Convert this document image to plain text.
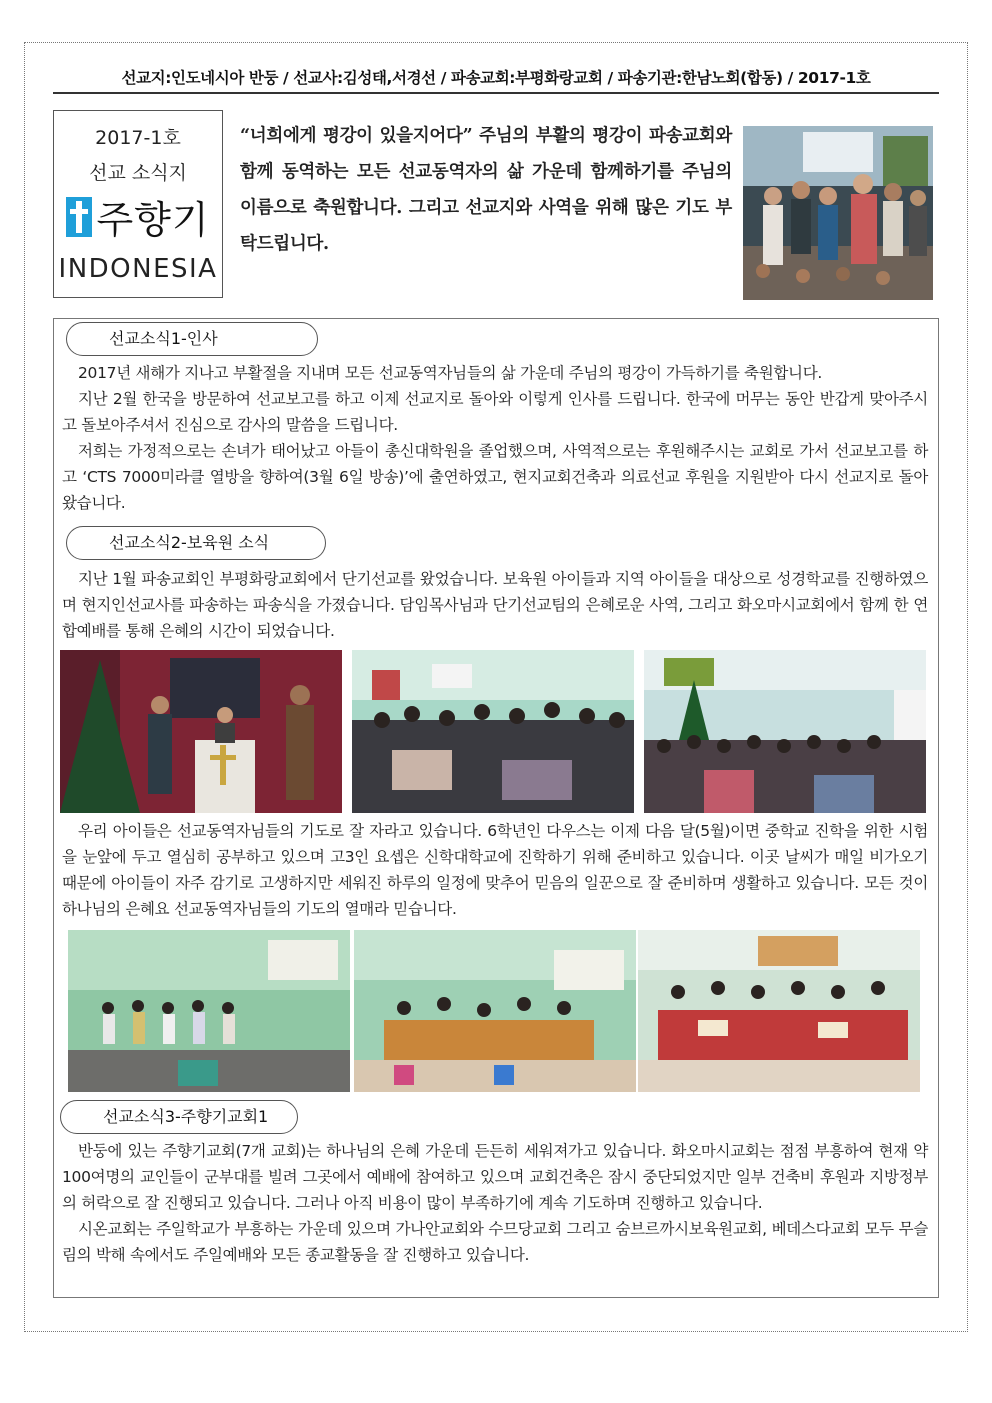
선교지:인도네시아 반둥 / 선교사:김성태,서경선 / 파송교회:부평화랑교회 / 파송기관:한남노회(합동) / 2017-1호
2017-1호
선교 소식지
주향기
INDONESIA
“너희에게 평강이 있을지어다” 주님의 부활의 평강이 파송교회와 함께 동역하는 모든 선교동역자의 삶 가운데 함께하기를 주님의 이름으로 축원합니다. 그리고 선교지와 사역을 위해 많은 기도 부탁드립니다.
선교소식1-인사

2017년 새해가 지나고 부활절을 지내며 모든 선교동역자님들의 삶 가운데 주님의 평강이 가득하기를 축원합니다.

지난 2월 한국을 방문하여 선교보고를 하고 이제 선교지로 돌아와 이렇게 인사를 드립니다. 한국에 머무는 동안 반갑게 맞아주시고 돌보아주셔서 진심으로 감사의 말씀을 드립니다.

저희는 가정적으로는 손녀가 태어났고 아들이 총신대학원을 졸업했으며, 사역적으로는 후원해주시는 교회로 가서 선교보고를 하고 ‘CTS 7000미라클 열방을 향하여(3월 6일 방송)’에 출연하였고, 현지교회건축과 의료선교 후원을 지원받아 다시 선교지로 돌아왔습니다.

선교소식2-보육원 소식

지난 1월 파송교회인 부평화랑교회에서 단기선교를 왔었습니다. 보육원 아이들과 지역 아이들을 대상으로 성경학교를 진행하였으며 현지인선교사를 파송하는 파송식을 가졌습니다. 담임목사님과 단기선교팀의 은혜로운 사역, 그리고 화오마시교회에서 함께 한 연합예배를 통해 은혜의 시간이 되었습니다.

우리 아이들은 선교동역자님들의 기도로 잘 자라고 있습니다. 6학년인 다우스는 이제 다음 달(5월)이면 중학교 진학을 위한 시험을 눈앞에 두고 열심히 공부하고 있으며 고3인 요셉은 신학대학교에 진학하기 위해 준비하고 있습니다. 이곳 날씨가 매일 비가오기 때문에 아이들이 자주 감기로 고생하지만 세워진 하루의 일정에 맞추어 믿음의 일꾼으로 잘 준비하며 생활하고 있습니다. 모든 것이 하나님의 은혜요 선교동역자님들의 기도의 열매라 믿습니다.

선교소식3-주향기교회1

반둥에 있는 주향기교회(7개 교회)는 하나님의 은혜 가운데 든든히 세워져가고 있습니다. 화오마시교회는 점점 부흥하여 현재 약 100여명의 교인들이 군부대를 빌려 그곳에서 예배에 참여하고 있으며 교회건축은 잠시 중단되었지만 일부 건축비 후원과 지방정부의 허락으로 잘 진행되고 있습니다. 그러나 아직 비용이 많이 부족하기에 계속 기도하며 진행하고 있습니다.

시온교회는 주일학교가 부흥하는 가운데 있으며 가나안교회와 수므당교회 그리고 숨브르까시보육원교회, 베데스다교회 모두 무슬림의 박해 속에서도 주일예배와 모든 종교활동을 잘 진행하고 있습니다.
